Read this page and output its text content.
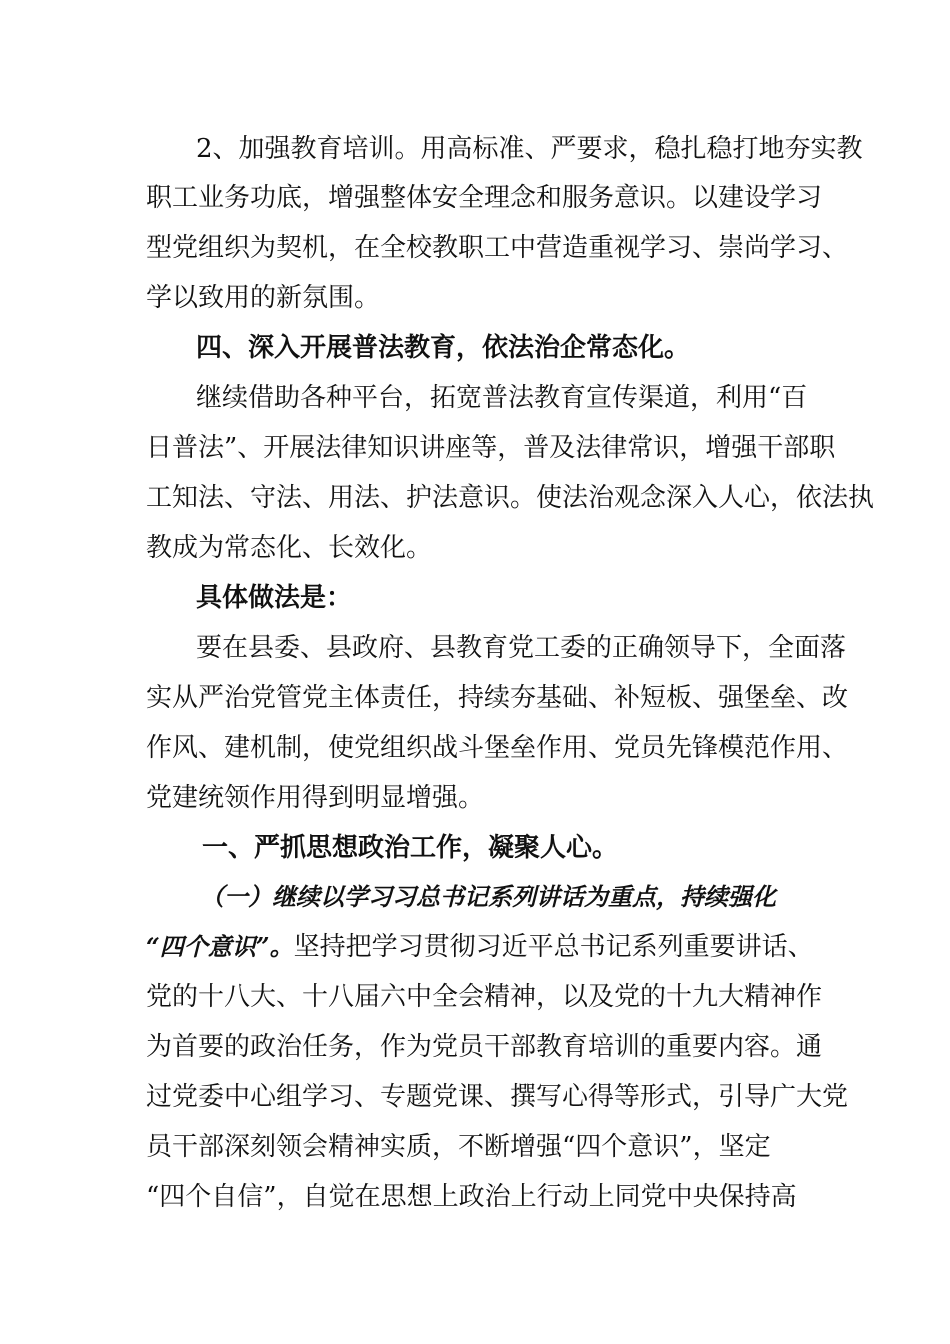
2、加强教育培训。用高标准、严要求，稳扎稳打地夯实教
职工业务功底，增强整体安全理念和服务意识。以建设学习
型党组织为契机，在全校教职工中营造重视学习、崇尚学习、
学以致用的新氛围。
四、深入开展普法教育，依法治企常态化。
继续借助各种平台，拓宽普法教育宣传渠道，利用“百
日普法”、开展法律知识讲座等，普及法律常识，增强干部职
工知法、守法、用法、护法意识。使法治观念深入人心，依法执
教成为常态化、长效化。
具体做法是：
要在县委、县政府、县教育党工委的正确领导下，全面落
实从严治党管党主体责任，持续夯基础、补短板、强堡垒、改
作风、建机制，使党组织战斗堡垒作用、党员先锋模范作用、
党建统领作用得到明显增强。
一、严抓思想政治工作，凝聚人心。
（一）继续以学习习总书记系列讲话为重点，持续强化
“四个意识”。坚持把学习贯彻习近平总书记系列重要讲话、
党的十八大、十八届六中全会精神，以及党的十九大精神作
为首要的政治任务，作为党员干部教育培训的重要内容。通
过党委中心组学习、专题党课、撰写心得等形式，引导广大党
员干部深刻领会精神实质，不断增强“四个意识”，坚定
“四个自信”，自觉在思想上政治上行动上同党中央保持高
